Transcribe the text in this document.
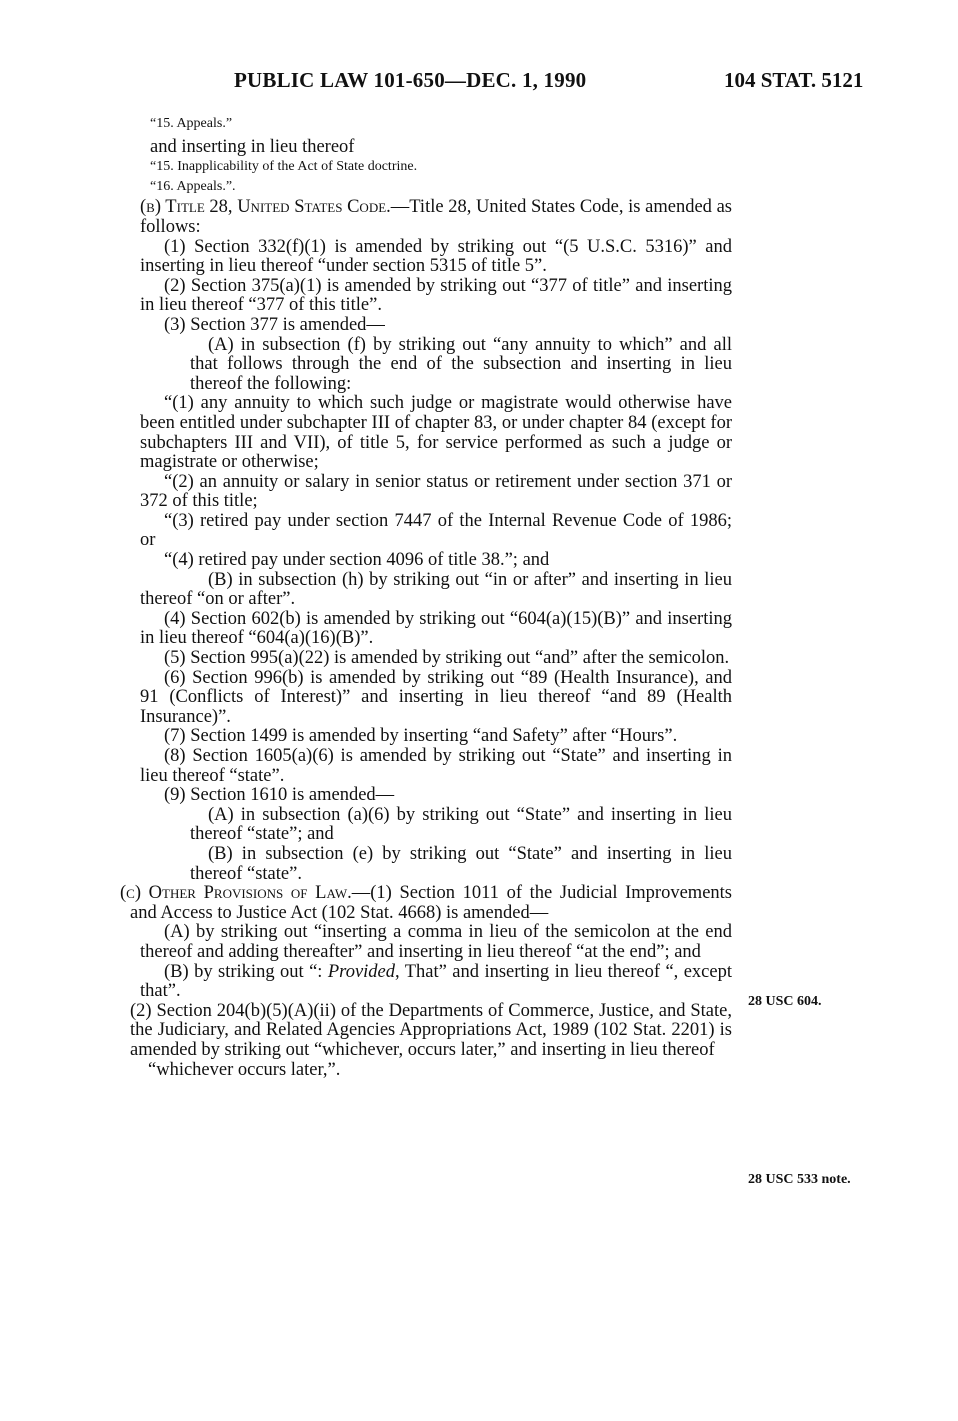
PUBLIC LAW 101-650—DEC. 1, 1990	104 STAT. 5121

“15. Appeals.”

and inserting in lieu thereof

“15. Inapplicability of the Act of State doctrine.

“16. Appeals.”.

(b) Title 28, United States Code.—Title 28, United States Code, is amended as follows:

(1) Section 332(f)(1) is amended by striking out “(5 U.S.C. 5316)” and inserting in lieu thereof “under section 5315 of title 5”.

(2) Section 375(a)(1) is amended by striking out “377 of title” and inserting in lieu thereof “377 of this title”.

(3) Section 377 is amended—

(A) in subsection (f) by striking out “any annuity to which” and all that follows through the end of the subsection and inserting in lieu thereof the following:

“(1) any annuity to which such judge or magistrate would otherwise have been entitled under subchapter III of chapter 83, or under chapter 84 (except for subchapters III and VII), of title 5, for service performed as such a judge or magistrate or otherwise;

“(2) an annuity or salary in senior status or retirement under section 371 or 372 of this title;

“(3) retired pay under section 7447 of the Internal Revenue Code of 1986; or

“(4) retired pay under section 4096 of title 38.”; and

(B) in subsection (h) by striking out “in or after” and inserting in lieu thereof “on or after”.

(4) Section 602(b) is amended by striking out “604(a)(15)(B)” and inserting in lieu thereof “604(a)(16)(B)”.

(5) Section 995(a)(22) is amended by striking out “and” after the semicolon.

(6) Section 996(b) is amended by striking out “89 (Health Insurance), and 91 (Conflicts of Interest)” and inserting in lieu thereof “and 89 (Health Insurance)”.

(7) Section 1499 is amended by inserting “and Safety” after “Hours”.

(8) Section 1605(a)(6) is amended by striking out “State” and inserting in lieu thereof “state”.

(9) Section 1610 is amended—

(A) in subsection (a)(6) by striking out “State” and inserting in lieu thereof “state”; and

(B) in subsection (e) by striking out “State” and inserting in lieu thereof “state”.

(c) Other Provisions of Law.—(1) Section 1011 of the Judicial Improvements and Access to Justice Act (102 Stat. 4668) is amended—

(A) by striking out “inserting a comma in lieu of the semicolon at the end thereof and adding thereafter” and inserting in lieu thereof “at the end”; and

(B) by striking out “: Provided, That” and inserting in lieu thereof “, except that”.

(2) Section 204(b)(5)(A)(ii) of the Departments of Commerce, Justice, and State, the Judiciary, and Related Agencies Appropriations Act, 1989 (102 Stat. 2201) is amended by striking out “whichever, occurs later,” and inserting in lieu thereof

“whichever occurs later,”.

28 USC 604.
28 USC 533 note.
